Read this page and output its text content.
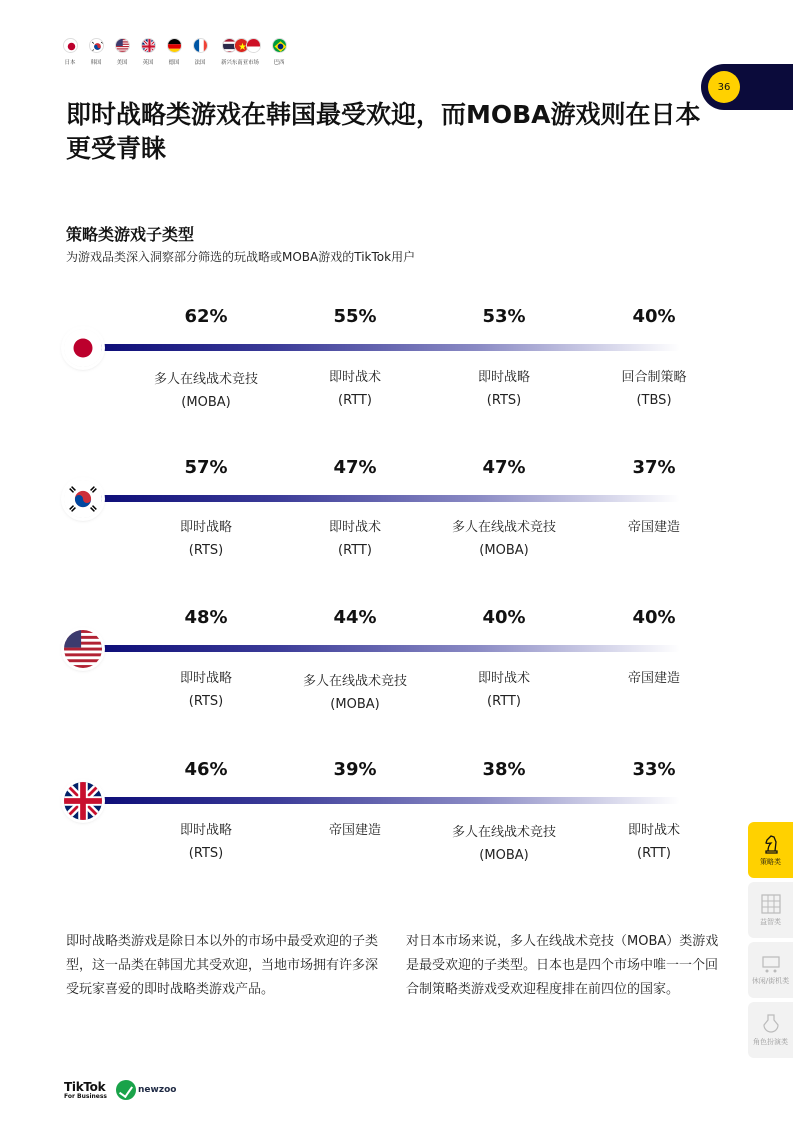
日本	韩国	美国	英国	德国	法国	新兴东南亚市场	巴西
36
即时战略类游戏在韩国最受欢迎，而MOBA游戏则在日本更受青睐
策略类游戏子类型

为游戏品类深入洞察部分筛选的玩战略或MOBA游戏的TikTok用户

62%	55%	53%	40%
多人在线战术竞技
(MOBA)
即时战术
(RTT)
即时战略
(RTS)
回合制策略
(TBS)
57%	47%	47%	37%
即时战略
(RTS)
即时战术
(RTT)
多人在线战术竞技
(MOBA)
帝国建造
48%	44%	40%	40%
即时战略
(RTS)
多人在线战术竞技
(MOBA)
即时战术
(RTT)
帝国建造
46%	39%	38%	33%
即时战略
(RTS)
帝国建造	多人在线战术竞技
(MOBA)
即时战术
(RTT)

即时战略类游戏是除日本以外的市场中最受欢迎的子类型，这一品类在韩国尤其受欢迎，当地市场拥有许多深受玩家喜爱的即时战略类游戏产品。

对日本市场来说，多人在线战术竞技（MOBA）类游戏是最受欢迎的子类型。日本也是四个市场中唯一一个回合制策略类游戏受欢迎程度排在前四位的国家。

策略类
益智类
休闲/街机类
角色扮演类
TikTok
For Business
newzoo
